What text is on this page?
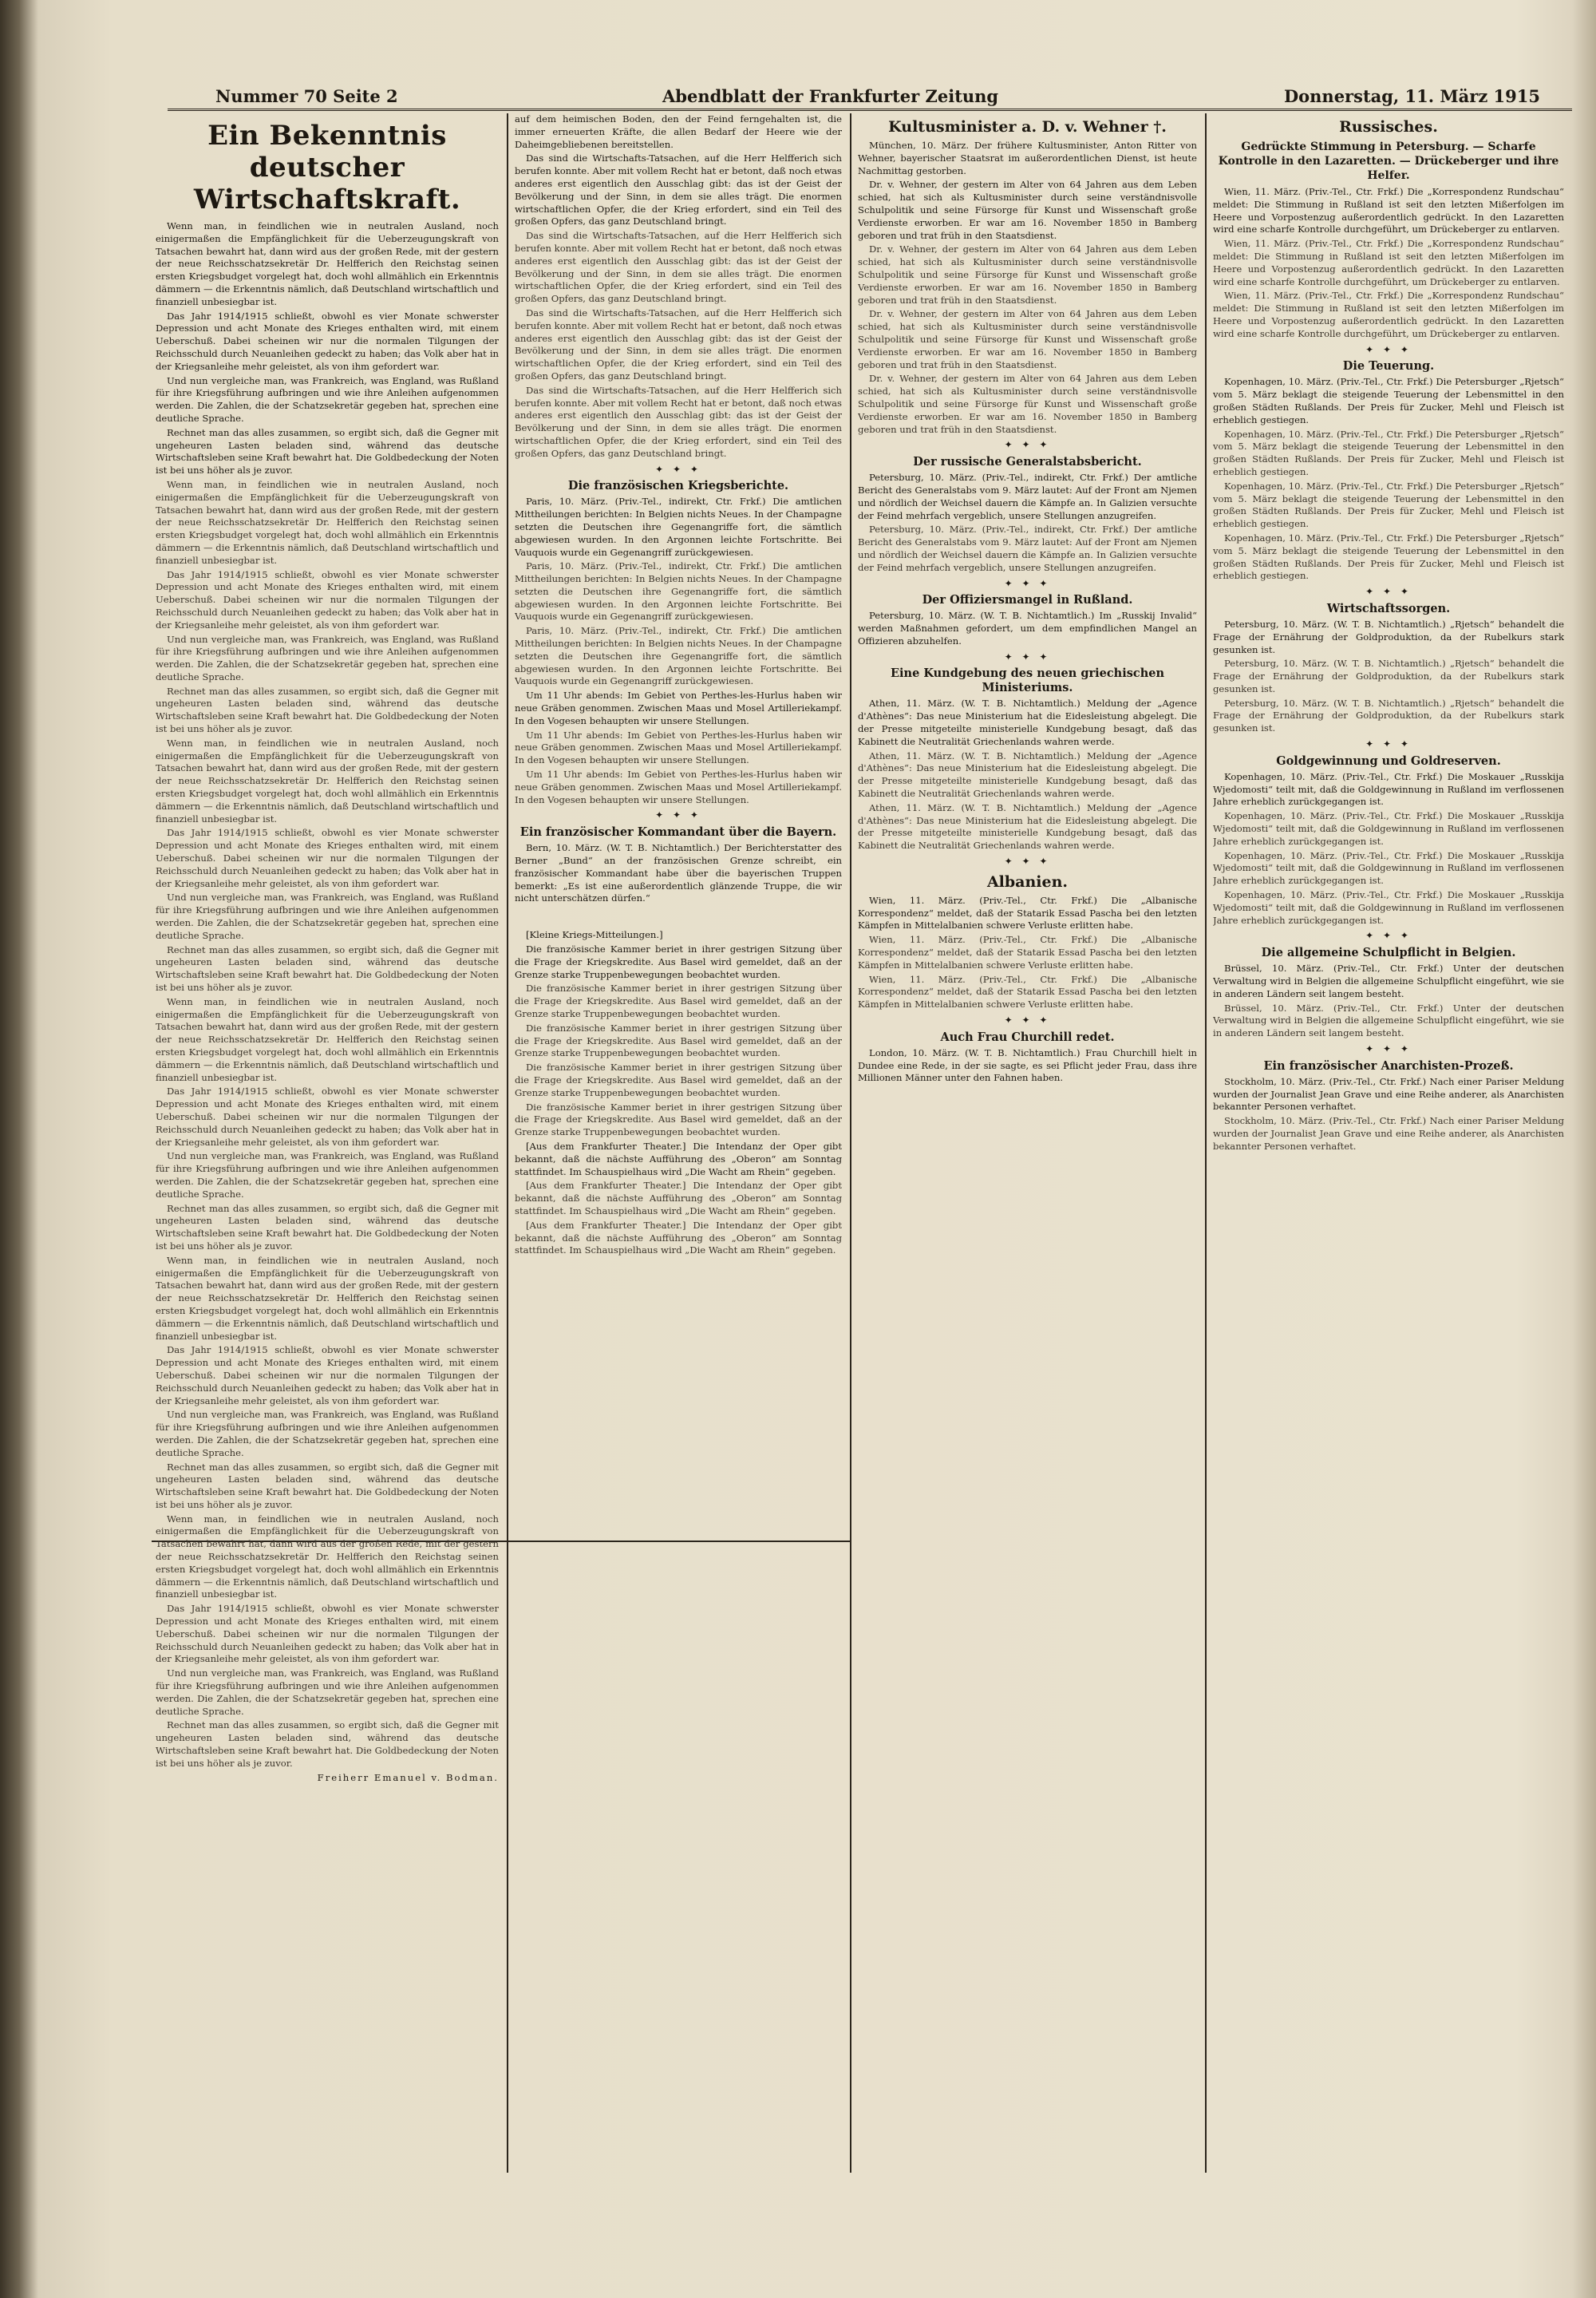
Nummer 70 Seite 2	Abendblatt der Frankfurter Zeitung	Donnerstag, 11. März 1915
Ein Bekenntnis deutscher Wirtschaftskraft.

Wenn man, in feindlichen wie in neutralen Ausland, noch einigermaßen die Empfänglichkeit für die Ueberzeugungskraft von Tatsachen bewahrt hat, dann wird aus der großen Rede, mit der gestern der neue Reichsschatzsekretär Dr. Helfferich den Reichstag seinen ersten Kriegsbudget vorgelegt hat, doch wohl allmählich ein Erkenntnis dämmern — die Erkenntnis nämlich, daß Deutschland wirtschaftlich und finanziell unbesiegbar ist.

Das Jahr 1914/1915 schließt, obwohl es vier Monate schwerster Depression und acht Monate des Krieges enthalten wird, mit einem Ueberschuß. Dabei scheinen wir nur die normalen Tilgungen der Reichsschuld durch Neuanleihen gedeckt zu haben; das Volk aber hat in der Kriegsanleihe mehr geleistet, als von ihm gefordert war.

Und nun vergleiche man, was Frankreich, was England, was Rußland für ihre Kriegsführung aufbringen und wie ihre Anleihen aufgenommen werden. Die Zahlen, die der Schatzsekretär gegeben hat, sprechen eine deutliche Sprache.

Rechnet man das alles zusammen, so ergibt sich, daß die Gegner mit ungeheuren Lasten beladen sind, während das deutsche Wirtschaftsleben seine Kraft bewahrt hat. Die Goldbedeckung der Noten ist bei uns höher als je zuvor.

Wenn man, in feindlichen wie in neutralen Ausland, noch einigermaßen die Empfänglichkeit für die Ueberzeugungskraft von Tatsachen bewahrt hat, dann wird aus der großen Rede, mit der gestern der neue Reichsschatzsekretär Dr. Helfferich den Reichstag seinen ersten Kriegsbudget vorgelegt hat, doch wohl allmählich ein Erkenntnis dämmern — die Erkenntnis nämlich, daß Deutschland wirtschaftlich und finanziell unbesiegbar ist.

Das Jahr 1914/1915 schließt, obwohl es vier Monate schwerster Depression und acht Monate des Krieges enthalten wird, mit einem Ueberschuß. Dabei scheinen wir nur die normalen Tilgungen der Reichsschuld durch Neuanleihen gedeckt zu haben; das Volk aber hat in der Kriegsanleihe mehr geleistet, als von ihm gefordert war.

Und nun vergleiche man, was Frankreich, was England, was Rußland für ihre Kriegsführung aufbringen und wie ihre Anleihen aufgenommen werden. Die Zahlen, die der Schatzsekretär gegeben hat, sprechen eine deutliche Sprache.

Rechnet man das alles zusammen, so ergibt sich, daß die Gegner mit ungeheuren Lasten beladen sind, während das deutsche Wirtschaftsleben seine Kraft bewahrt hat. Die Goldbedeckung der Noten ist bei uns höher als je zuvor.

Wenn man, in feindlichen wie in neutralen Ausland, noch einigermaßen die Empfänglichkeit für die Ueberzeugungskraft von Tatsachen bewahrt hat, dann wird aus der großen Rede, mit der gestern der neue Reichsschatzsekretär Dr. Helfferich den Reichstag seinen ersten Kriegsbudget vorgelegt hat, doch wohl allmählich ein Erkenntnis dämmern — die Erkenntnis nämlich, daß Deutschland wirtschaftlich und finanziell unbesiegbar ist.

Das Jahr 1914/1915 schließt, obwohl es vier Monate schwerster Depression und acht Monate des Krieges enthalten wird, mit einem Ueberschuß. Dabei scheinen wir nur die normalen Tilgungen der Reichsschuld durch Neuanleihen gedeckt zu haben; das Volk aber hat in der Kriegsanleihe mehr geleistet, als von ihm gefordert war.

Und nun vergleiche man, was Frankreich, was England, was Rußland für ihre Kriegsführung aufbringen und wie ihre Anleihen aufgenommen werden. Die Zahlen, die der Schatzsekretär gegeben hat, sprechen eine deutliche Sprache.

Rechnet man das alles zusammen, so ergibt sich, daß die Gegner mit ungeheuren Lasten beladen sind, während das deutsche Wirtschaftsleben seine Kraft bewahrt hat. Die Goldbedeckung der Noten ist bei uns höher als je zuvor.

Wenn man, in feindlichen wie in neutralen Ausland, noch einigermaßen die Empfänglichkeit für die Ueberzeugungskraft von Tatsachen bewahrt hat, dann wird aus der großen Rede, mit der gestern der neue Reichsschatzsekretär Dr. Helfferich den Reichstag seinen ersten Kriegsbudget vorgelegt hat, doch wohl allmählich ein Erkenntnis dämmern — die Erkenntnis nämlich, daß Deutschland wirtschaftlich und finanziell unbesiegbar ist.

Das Jahr 1914/1915 schließt, obwohl es vier Monate schwerster Depression und acht Monate des Krieges enthalten wird, mit einem Ueberschuß. Dabei scheinen wir nur die normalen Tilgungen der Reichsschuld durch Neuanleihen gedeckt zu haben; das Volk aber hat in der Kriegsanleihe mehr geleistet, als von ihm gefordert war.

Und nun vergleiche man, was Frankreich, was England, was Rußland für ihre Kriegsführung aufbringen und wie ihre Anleihen aufgenommen werden. Die Zahlen, die der Schatzsekretär gegeben hat, sprechen eine deutliche Sprache.

Rechnet man das alles zusammen, so ergibt sich, daß die Gegner mit ungeheuren Lasten beladen sind, während das deutsche Wirtschaftsleben seine Kraft bewahrt hat. Die Goldbedeckung der Noten ist bei uns höher als je zuvor.

Wenn man, in feindlichen wie in neutralen Ausland, noch einigermaßen die Empfänglichkeit für die Ueberzeugungskraft von Tatsachen bewahrt hat, dann wird aus der großen Rede, mit der gestern der neue Reichsschatzsekretär Dr. Helfferich den Reichstag seinen ersten Kriegsbudget vorgelegt hat, doch wohl allmählich ein Erkenntnis dämmern — die Erkenntnis nämlich, daß Deutschland wirtschaftlich und finanziell unbesiegbar ist.

Das Jahr 1914/1915 schließt, obwohl es vier Monate schwerster Depression und acht Monate des Krieges enthalten wird, mit einem Ueberschuß. Dabei scheinen wir nur die normalen Tilgungen der Reichsschuld durch Neuanleihen gedeckt zu haben; das Volk aber hat in der Kriegsanleihe mehr geleistet, als von ihm gefordert war.

Und nun vergleiche man, was Frankreich, was England, was Rußland für ihre Kriegsführung aufbringen und wie ihre Anleihen aufgenommen werden. Die Zahlen, die der Schatzsekretär gegeben hat, sprechen eine deutliche Sprache.

Rechnet man das alles zusammen, so ergibt sich, daß die Gegner mit ungeheuren Lasten beladen sind, während das deutsche Wirtschaftsleben seine Kraft bewahrt hat. Die Goldbedeckung der Noten ist bei uns höher als je zuvor.

Wenn man, in feindlichen wie in neutralen Ausland, noch einigermaßen die Empfänglichkeit für die Ueberzeugungskraft von Tatsachen bewahrt hat, dann wird aus der großen Rede, mit der gestern der neue Reichsschatzsekretär Dr. Helfferich den Reichstag seinen ersten Kriegsbudget vorgelegt hat, doch wohl allmählich ein Erkenntnis dämmern — die Erkenntnis nämlich, daß Deutschland wirtschaftlich und finanziell unbesiegbar ist.

Das Jahr 1914/1915 schließt, obwohl es vier Monate schwerster Depression und acht Monate des Krieges enthalten wird, mit einem Ueberschuß. Dabei scheinen wir nur die normalen Tilgungen der Reichsschuld durch Neuanleihen gedeckt zu haben; das Volk aber hat in der Kriegsanleihe mehr geleistet, als von ihm gefordert war.

Und nun vergleiche man, was Frankreich, was England, was Rußland für ihre Kriegsführung aufbringen und wie ihre Anleihen aufgenommen werden. Die Zahlen, die der Schatzsekretär gegeben hat, sprechen eine deutliche Sprache.

Rechnet man das alles zusammen, so ergibt sich, daß die Gegner mit ungeheuren Lasten beladen sind, während das deutsche Wirtschaftsleben seine Kraft bewahrt hat. Die Goldbedeckung der Noten ist bei uns höher als je zuvor.

Freiherr Emanuel v. Bodman.

auf dem heimischen Boden, den der Feind ferngehalten ist, die immer erneuerten Kräfte, die allen Bedarf der Heere wie der Daheimgebliebenen bereitstellen.

Das sind die Wirtschafts-Tatsachen, auf die Herr Helfferich sich berufen konnte. Aber mit vollem Recht hat er betont, daß noch etwas anderes erst eigentlich den Ausschlag gibt: das ist der Geist der Bevölkerung und der Sinn, in dem sie alles trägt. Die enormen wirtschaftlichen Opfer, die der Krieg erfordert, sind ein Teil des großen Opfers, das ganz Deutschland bringt.

Das sind die Wirtschafts-Tatsachen, auf die Herr Helfferich sich berufen konnte. Aber mit vollem Recht hat er betont, daß noch etwas anderes erst eigentlich den Ausschlag gibt: das ist der Geist der Bevölkerung und der Sinn, in dem sie alles trägt. Die enormen wirtschaftlichen Opfer, die der Krieg erfordert, sind ein Teil des großen Opfers, das ganz Deutschland bringt.

Das sind die Wirtschafts-Tatsachen, auf die Herr Helfferich sich berufen konnte. Aber mit vollem Recht hat er betont, daß noch etwas anderes erst eigentlich den Ausschlag gibt: das ist der Geist der Bevölkerung und der Sinn, in dem sie alles trägt. Die enormen wirtschaftlichen Opfer, die der Krieg erfordert, sind ein Teil des großen Opfers, das ganz Deutschland bringt.

Das sind die Wirtschafts-Tatsachen, auf die Herr Helfferich sich berufen konnte. Aber mit vollem Recht hat er betont, daß noch etwas anderes erst eigentlich den Ausschlag gibt: das ist der Geist der Bevölkerung und der Sinn, in dem sie alles trägt. Die enormen wirtschaftlichen Opfer, die der Krieg erfordert, sind ein Teil des großen Opfers, das ganz Deutschland bringt.

✦ ✦ ✦
Die französischen Kriegsberichte.

Paris, 10. März. (Priv.-Tel., indirekt, Ctr. Frkf.) Die amtlichen Mittheilungen berichten: In Belgien nichts Neues. In der Champagne setzten die Deutschen ihre Gegenangriffe fort, die sämtlich abgewiesen wurden. In den Argonnen leichte Fortschritte. Bei Vauquois wurde ein Gegenangriff zurückgewiesen.

Paris, 10. März. (Priv.-Tel., indirekt, Ctr. Frkf.) Die amtlichen Mittheilungen berichten: In Belgien nichts Neues. In der Champagne setzten die Deutschen ihre Gegenangriffe fort, die sämtlich abgewiesen wurden. In den Argonnen leichte Fortschritte. Bei Vauquois wurde ein Gegenangriff zurückgewiesen.

Paris, 10. März. (Priv.-Tel., indirekt, Ctr. Frkf.) Die amtlichen Mittheilungen berichten: In Belgien nichts Neues. In der Champagne setzten die Deutschen ihre Gegenangriffe fort, die sämtlich abgewiesen wurden. In den Argonnen leichte Fortschritte. Bei Vauquois wurde ein Gegenangriff zurückgewiesen.

Um 11 Uhr abends: Im Gebiet von Perthes-les-Hurlus haben wir neue Gräben genommen. Zwischen Maas und Mosel Artilleriekampf. In den Vogesen behaupten wir unsere Stellungen.

Um 11 Uhr abends: Im Gebiet von Perthes-les-Hurlus haben wir neue Gräben genommen. Zwischen Maas und Mosel Artilleriekampf. In den Vogesen behaupten wir unsere Stellungen.

Um 11 Uhr abends: Im Gebiet von Perthes-les-Hurlus haben wir neue Gräben genommen. Zwischen Maas und Mosel Artilleriekampf. In den Vogesen behaupten wir unsere Stellungen.

✦ ✦ ✦
Ein französischer Kommandant über die Bayern.

Bern, 10. März. (W. T. B. Nichtamtlich.) Der Berichterstatter des Berner „Bund“ an der französischen Grenze schreibt, ein französischer Kommandant habe über die bayerischen Truppen bemerkt: „Es ist eine außerordentlich glänzende Truppe, die wir nicht unterschätzen dürfen.“

[Kleine Kriegs-Mitteilungen.]

Die französische Kammer beriet in ihrer gestrigen Sitzung über die Frage der Kriegskredite. Aus Basel wird gemeldet, daß an der Grenze starke Truppenbewegungen beobachtet wurden.

Die französische Kammer beriet in ihrer gestrigen Sitzung über die Frage der Kriegskredite. Aus Basel wird gemeldet, daß an der Grenze starke Truppenbewegungen beobachtet wurden.

Die französische Kammer beriet in ihrer gestrigen Sitzung über die Frage der Kriegskredite. Aus Basel wird gemeldet, daß an der Grenze starke Truppenbewegungen beobachtet wurden.

Die französische Kammer beriet in ihrer gestrigen Sitzung über die Frage der Kriegskredite. Aus Basel wird gemeldet, daß an der Grenze starke Truppenbewegungen beobachtet wurden.

Die französische Kammer beriet in ihrer gestrigen Sitzung über die Frage der Kriegskredite. Aus Basel wird gemeldet, daß an der Grenze starke Truppenbewegungen beobachtet wurden.

[Aus dem Frankfurter Theater.] Die Intendanz der Oper gibt bekannt, daß die nächste Aufführung des „Oberon“ am Sonntag stattfindet. Im Schauspielhaus wird „Die Wacht am Rhein“ gegeben.

[Aus dem Frankfurter Theater.] Die Intendanz der Oper gibt bekannt, daß die nächste Aufführung des „Oberon“ am Sonntag stattfindet. Im Schauspielhaus wird „Die Wacht am Rhein“ gegeben.

[Aus dem Frankfurter Theater.] Die Intendanz der Oper gibt bekannt, daß die nächste Aufführung des „Oberon“ am Sonntag stattfindet. Im Schauspielhaus wird „Die Wacht am Rhein“ gegeben.

Kultusminister a. D. v. Wehner †.

München, 10. März. Der frühere Kultusminister, Anton Ritter von Wehner, bayerischer Staatsrat im außerordentlichen Dienst, ist heute Nachmittag gestorben.

Dr. v. Wehner, der gestern im Alter von 64 Jahren aus dem Leben schied, hat sich als Kultusminister durch seine verständnisvolle Schulpolitik und seine Fürsorge für Kunst und Wissenschaft große Verdienste erworben. Er war am 16. November 1850 in Bamberg geboren und trat früh in den Staatsdienst.

Dr. v. Wehner, der gestern im Alter von 64 Jahren aus dem Leben schied, hat sich als Kultusminister durch seine verständnisvolle Schulpolitik und seine Fürsorge für Kunst und Wissenschaft große Verdienste erworben. Er war am 16. November 1850 in Bamberg geboren und trat früh in den Staatsdienst.

Dr. v. Wehner, der gestern im Alter von 64 Jahren aus dem Leben schied, hat sich als Kultusminister durch seine verständnisvolle Schulpolitik und seine Fürsorge für Kunst und Wissenschaft große Verdienste erworben. Er war am 16. November 1850 in Bamberg geboren und trat früh in den Staatsdienst.

Dr. v. Wehner, der gestern im Alter von 64 Jahren aus dem Leben schied, hat sich als Kultusminister durch seine verständnisvolle Schulpolitik und seine Fürsorge für Kunst und Wissenschaft große Verdienste erworben. Er war am 16. November 1850 in Bamberg geboren und trat früh in den Staatsdienst.

✦ ✦ ✦
Der russische Generalstabsbericht.

Petersburg, 10. März. (Priv.-Tel., indirekt, Ctr. Frkf.) Der amtliche Bericht des Generalstabs vom 9. März lautet: Auf der Front am Njemen und nördlich der Weichsel dauern die Kämpfe an. In Galizien versuchte der Feind mehrfach vergeblich, unsere Stellungen anzugreifen.

Petersburg, 10. März. (Priv.-Tel., indirekt, Ctr. Frkf.) Der amtliche Bericht des Generalstabs vom 9. März lautet: Auf der Front am Njemen und nördlich der Weichsel dauern die Kämpfe an. In Galizien versuchte der Feind mehrfach vergeblich, unsere Stellungen anzugreifen.

✦ ✦ ✦
Der Offiziersmangel in Rußland.

Petersburg, 10. März. (W. T. B. Nichtamtlich.) Im „Russkij Invalid“ werden Maßnahmen gefordert, um dem empfindlichen Mangel an Offizieren abzuhelfen.

✦ ✦ ✦
Eine Kundgebung des neuen griechischen Ministeriums.

Athen, 11. März. (W. T. B. Nichtamtlich.) Meldung der „Agence d'Athènes“: Das neue Ministerium hat die Eidesleistung abgelegt. Die der Presse mitgeteilte ministerielle Kundgebung besagt, daß das Kabinett die Neutralität Griechenlands wahren werde.

Athen, 11. März. (W. T. B. Nichtamtlich.) Meldung der „Agence d'Athènes“: Das neue Ministerium hat die Eidesleistung abgelegt. Die der Presse mitgeteilte ministerielle Kundgebung besagt, daß das Kabinett die Neutralität Griechenlands wahren werde.

Athen, 11. März. (W. T. B. Nichtamtlich.) Meldung der „Agence d'Athènes“: Das neue Ministerium hat die Eidesleistung abgelegt. Die der Presse mitgeteilte ministerielle Kundgebung besagt, daß das Kabinett die Neutralität Griechenlands wahren werde.

✦ ✦ ✦
Albanien.

Wien, 11. März. (Priv.-Tel., Ctr. Frkf.) Die „Albanische Korrespondenz“ meldet, daß der Statarik Essad Pascha bei den letzten Kämpfen in Mittelalbanien schwere Verluste erlitten habe.

Wien, 11. März. (Priv.-Tel., Ctr. Frkf.) Die „Albanische Korrespondenz“ meldet, daß der Statarik Essad Pascha bei den letzten Kämpfen in Mittelalbanien schwere Verluste erlitten habe.

Wien, 11. März. (Priv.-Tel., Ctr. Frkf.) Die „Albanische Korrespondenz“ meldet, daß der Statarik Essad Pascha bei den letzten Kämpfen in Mittelalbanien schwere Verluste erlitten habe.

✦ ✦ ✦
Auch Frau Churchill redet.

London, 10. März. (W. T. B. Nichtamtlich.) Frau Churchill hielt in Dundee eine Rede, in der sie sagte, es sei Pflicht jeder Frau, dass ihre Millionen Männer unter den Fahnen haben.

Russisches.
Gedrückte Stimmung in Petersburg. — Scharfe Kontrolle in den Lazaretten. — Drückeberger und ihre Helfer.

Wien, 11. März. (Priv.-Tel., Ctr. Frkf.) Die „Korrespondenz Rundschau“ meldet: Die Stimmung in Rußland ist seit den letzten Mißerfolgen im Heere und Vorpostenzug außerordentlich gedrückt. In den Lazaretten wird eine scharfe Kontrolle durchgeführt, um Drückeberger zu entlarven.

Wien, 11. März. (Priv.-Tel., Ctr. Frkf.) Die „Korrespondenz Rundschau“ meldet: Die Stimmung in Rußland ist seit den letzten Mißerfolgen im Heere und Vorpostenzug außerordentlich gedrückt. In den Lazaretten wird eine scharfe Kontrolle durchgeführt, um Drückeberger zu entlarven.

Wien, 11. März. (Priv.-Tel., Ctr. Frkf.) Die „Korrespondenz Rundschau“ meldet: Die Stimmung in Rußland ist seit den letzten Mißerfolgen im Heere und Vorpostenzug außerordentlich gedrückt. In den Lazaretten wird eine scharfe Kontrolle durchgeführt, um Drückeberger zu entlarven.

✦ ✦ ✦
Die Teuerung.

Kopenhagen, 10. März. (Priv.-Tel., Ctr. Frkf.) Die Petersburger „Rjetsch“ vom 5. März beklagt die steigende Teuerung der Lebensmittel in den großen Städten Rußlands. Der Preis für Zucker, Mehl und Fleisch ist erheblich gestiegen.

Kopenhagen, 10. März. (Priv.-Tel., Ctr. Frkf.) Die Petersburger „Rjetsch“ vom 5. März beklagt die steigende Teuerung der Lebensmittel in den großen Städten Rußlands. Der Preis für Zucker, Mehl und Fleisch ist erheblich gestiegen.

Kopenhagen, 10. März. (Priv.-Tel., Ctr. Frkf.) Die Petersburger „Rjetsch“ vom 5. März beklagt die steigende Teuerung der Lebensmittel in den großen Städten Rußlands. Der Preis für Zucker, Mehl und Fleisch ist erheblich gestiegen.

Kopenhagen, 10. März. (Priv.-Tel., Ctr. Frkf.) Die Petersburger „Rjetsch“ vom 5. März beklagt die steigende Teuerung der Lebensmittel in den großen Städten Rußlands. Der Preis für Zucker, Mehl und Fleisch ist erheblich gestiegen.

✦ ✦ ✦
Wirtschaftssorgen.

Petersburg, 10. März. (W. T. B. Nichtamtlich.) „Rjetsch“ behandelt die Frage der Ernährung der Goldproduktion, da der Rubelkurs stark gesunken ist.

Petersburg, 10. März. (W. T. B. Nichtamtlich.) „Rjetsch“ behandelt die Frage der Ernährung der Goldproduktion, da der Rubelkurs stark gesunken ist.

Petersburg, 10. März. (W. T. B. Nichtamtlich.) „Rjetsch“ behandelt die Frage der Ernährung der Goldproduktion, da der Rubelkurs stark gesunken ist.

✦ ✦ ✦
Goldgewinnung und Goldreserven.

Kopenhagen, 10. März. (Priv.-Tel., Ctr. Frkf.) Die Moskauer „Russkija Wjedomosti“ teilt mit, daß die Goldgewinnung in Rußland im verflossenen Jahre erheblich zurückgegangen ist.

Kopenhagen, 10. März. (Priv.-Tel., Ctr. Frkf.) Die Moskauer „Russkija Wjedomosti“ teilt mit, daß die Goldgewinnung in Rußland im verflossenen Jahre erheblich zurückgegangen ist.

Kopenhagen, 10. März. (Priv.-Tel., Ctr. Frkf.) Die Moskauer „Russkija Wjedomosti“ teilt mit, daß die Goldgewinnung in Rußland im verflossenen Jahre erheblich zurückgegangen ist.

Kopenhagen, 10. März. (Priv.-Tel., Ctr. Frkf.) Die Moskauer „Russkija Wjedomosti“ teilt mit, daß die Goldgewinnung in Rußland im verflossenen Jahre erheblich zurückgegangen ist.

✦ ✦ ✦
Die allgemeine Schulpflicht in Belgien.

Brüssel, 10. März. (Priv.-Tel., Ctr. Frkf.) Unter der deutschen Verwaltung wird in Belgien die allgemeine Schulpflicht eingeführt, wie sie in anderen Ländern seit langem besteht.

Brüssel, 10. März. (Priv.-Tel., Ctr. Frkf.) Unter der deutschen Verwaltung wird in Belgien die allgemeine Schulpflicht eingeführt, wie sie in anderen Ländern seit langem besteht.

✦ ✦ ✦
Ein französischer Anarchisten-Prozeß.

Stockholm, 10. März. (Priv.-Tel., Ctr. Frkf.) Nach einer Pariser Meldung wurden der Journalist Jean Grave und eine Reihe anderer, als Anarchisten bekannter Personen verhaftet.

Stockholm, 10. März. (Priv.-Tel., Ctr. Frkf.) Nach einer Pariser Meldung wurden der Journalist Jean Grave und eine Reihe anderer, als Anarchisten bekannter Personen verhaftet.
